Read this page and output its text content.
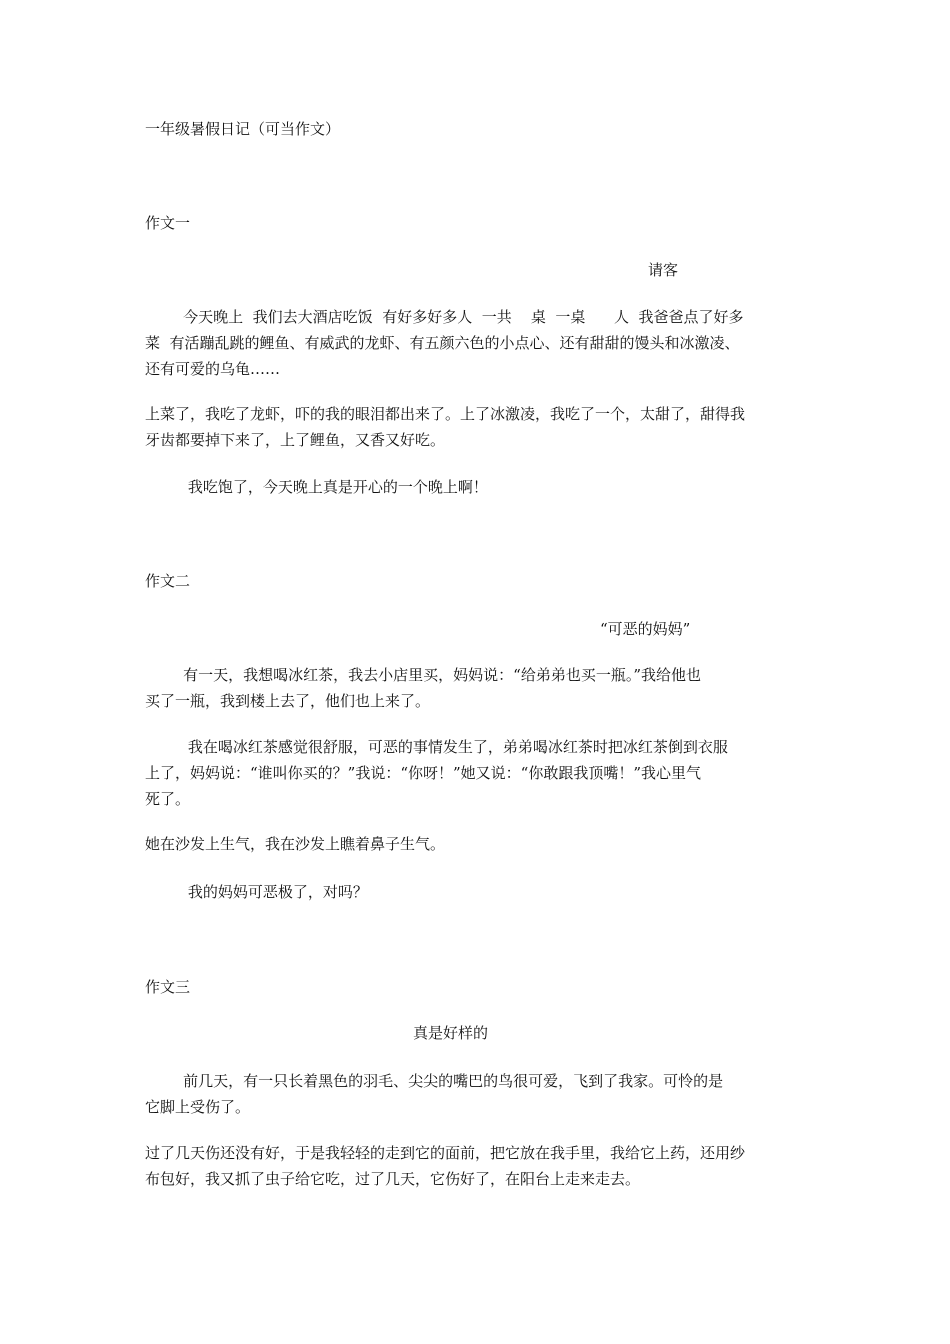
一年级暑假日记（可当作文）
作文一
请客
今天晚上  我们去大酒店吃饭  有好多好多人  一共    桌  一桌      人  我爸爸点了好多
菜  有活蹦乱跳的鲤鱼、有威武的龙虾、有五颜六色的小点心、还有甜甜的馒头和冰激凌、
还有可爱的乌龟……
上菜了，我吃了龙虾，吓的我的眼泪都出来了。上了冰激凌，我吃了一个，太甜了，甜得我
牙齿都要掉下来了，上了鲤鱼，又香又好吃。
我吃饱了，今天晚上真是开心的一个晚上啊！
作文二
“可恶的妈妈”
有一天，我想喝冰红茶，我去小店里买，妈妈说：“给弟弟也买一瓶。”我给他也
买了一瓶，我到楼上去了，他们也上来了。
我在喝冰红茶感觉很舒服，可恶的事情发生了，弟弟喝冰红茶时把冰红茶倒到衣服
上了，妈妈说：“谁叫你买的？”我说：“你呀！”她又说：“你敢跟我顶嘴！”我心里气
死了。
她在沙发上生气，我在沙发上瞧着鼻子生气。
我的妈妈可恶极了，对吗？
作文三
真是好样的
前几天，有一只长着黑色的羽毛、尖尖的嘴巴的鸟很可爱，飞到了我家。可怜的是
它脚上受伤了。
过了几天伤还没有好，于是我轻轻的走到它的面前，把它放在我手里，我给它上药，还用纱
布包好，我又抓了虫子给它吃，过了几天，它伤好了，在阳台上走来走去。
